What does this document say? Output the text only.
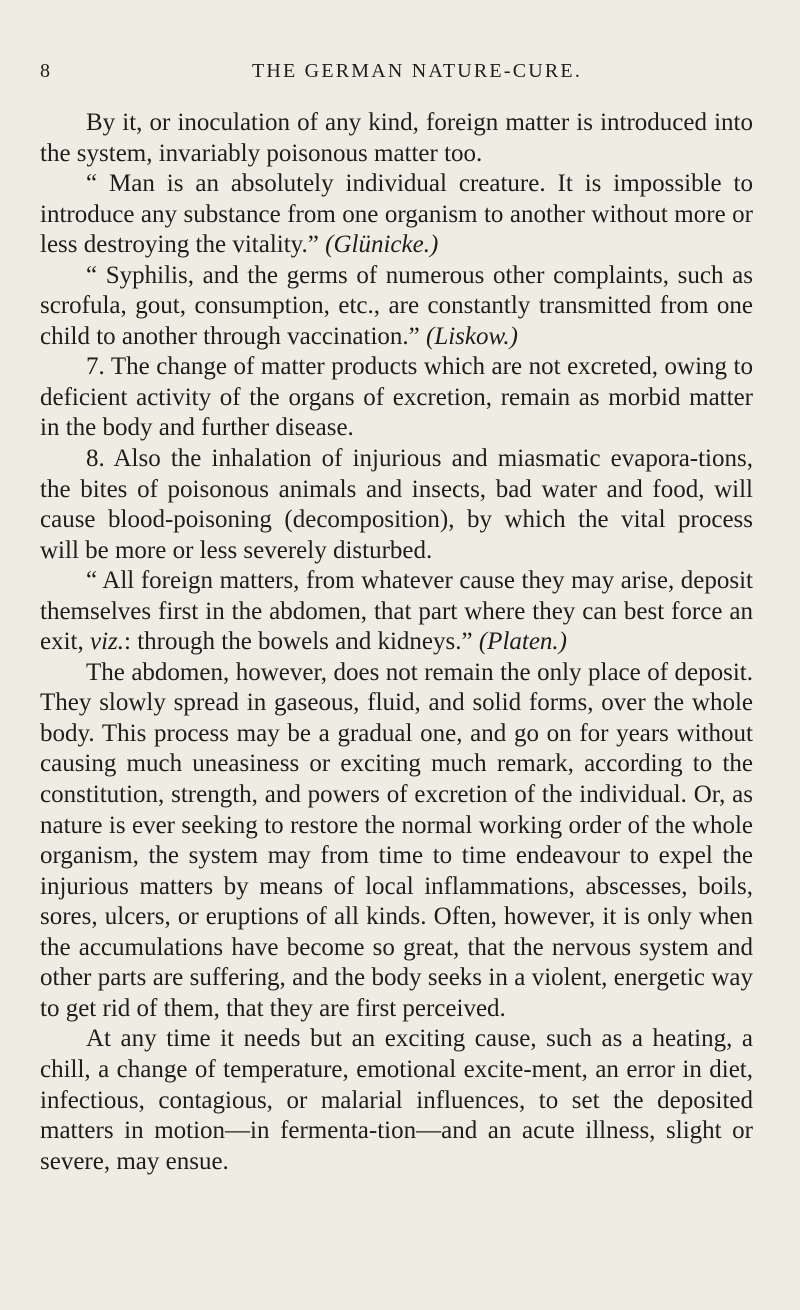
8	THE GERMAN NATURE-CURE.

By it, or inoculation of any kind, foreign matter is introduced into the system, invariably poisonous matter too.

“ Man is an absolutely individual creature. It is impossible to introduce any substance from one organism to another without more or less destroying the vitality.” (Glünicke.)

“ Syphilis, and the germs of numerous other complaints, such as scrofula, gout, consumption, etc., are constantly transmitted from one child to another through vaccination.” (Liskow.)

7. The change of matter products which are not excreted, owing to deficient activity of the organs of excretion, remain as morbid matter in the body and further disease.

8. Also the inhalation of injurious and miasmatic evapora-tions, the bites of poisonous animals and insects, bad water and food, will cause blood-poisoning (decomposition), by which the vital process will be more or less severely disturbed.

“ All foreign matters, from whatever cause they may arise, deposit themselves first in the abdomen, that part where they can best force an exit, viz.: through the bowels and kidneys.” (Platen.)

The abdomen, however, does not remain the only place of deposit. They slowly spread in gaseous, fluid, and solid forms, over the whole body. This process may be a gradual one, and go on for years without causing much uneasiness or exciting much remark, according to the constitution, strength, and powers of excretion of the individual. Or, as nature is ever seeking to restore the normal working order of the whole organism, the system may from time to time endeavour to expel the injurious matters by means of local inflammations, abscesses, boils, sores, ulcers, or eruptions of all kinds. Often, however, it is only when the accumulations have become so great, that the nervous system and other parts are suffering, and the body seeks in a violent, energetic way to get rid of them, that they are first perceived.

At any time it needs but an exciting cause, such as a heating, a chill, a change of temperature, emotional excite-ment, an error in diet, infectious, contagious, or malarial influences, to set the deposited matters in motion—in fermenta-tion—and an acute illness, slight or severe, may ensue.
